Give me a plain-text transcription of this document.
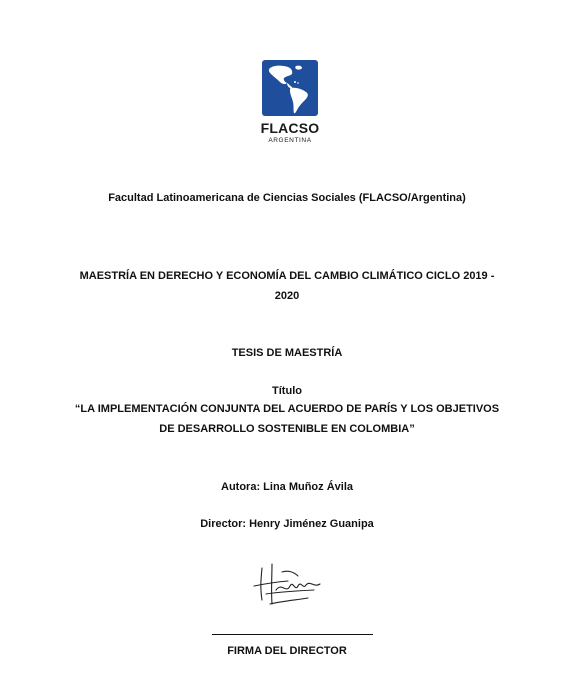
FLACSO
ARGENTINA
Facultad Latinoamericana de Ciencias Sociales (FLACSO/Argentina)
MAESTRÍA EN DERECHO Y ECONOMÍA DEL CAMBIO CLIMÁTICO CICLO 2019 -
2020
TESIS DE MAESTRÍA
Título
“LA IMPLEMENTACIÓN CONJUNTA DEL ACUERDO DE PARÍS Y LOS OBJETIVOS
DE DESARROLLO SOSTENIBLE EN COLOMBIA”
Autora: Lina Muñoz Ávila
Director: Henry Jiménez Guanipa
FIRMA DEL DIRECTOR
